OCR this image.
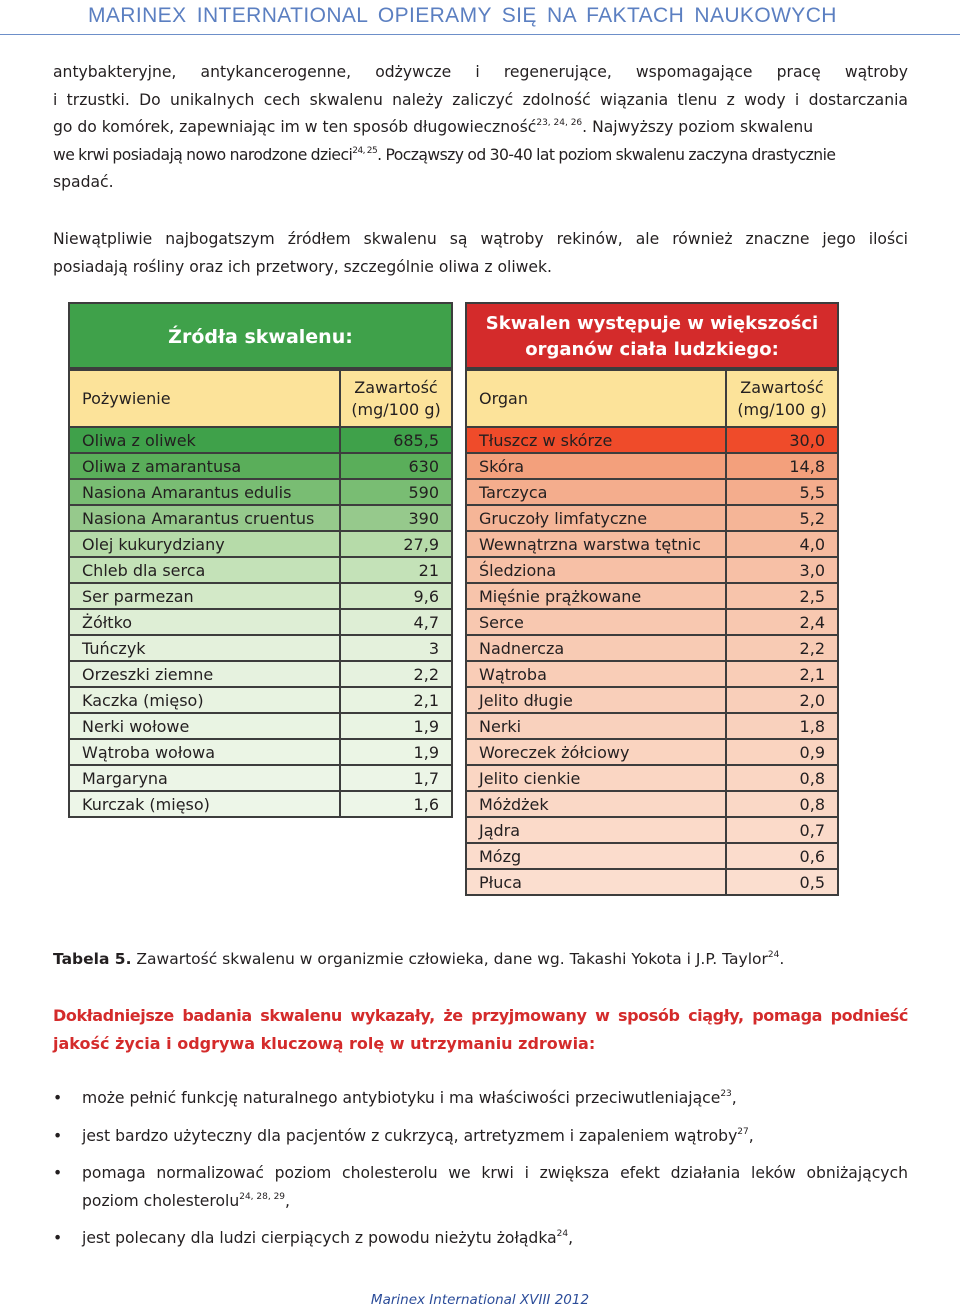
MARINEX INTERNATIONAL OPIERAMY SIĘ NA FAKTACH NAUKOWYCH
antybakteryjne, antykancerogenne, odżywcze i regenerujące, wspomagające pracę wątroby
i trzustki. Do unikalnych cech skwalenu należy zaliczyć zdolność wiązania tlenu z wody i dostarczania
go do komórek, zapewniając im w ten sposób długowieczność$^{23, 24, 26}$. Najwyższy poziom skwalenu
we krwi posiadają nowo narodzone dzieci$^{24, 25}$. Począwszy od 30-40 lat poziom skwalenu zaczyna drastycznie
spadać.
Niewątpliwie najbogatszym źródłem skwalenu są wątroby rekinów, ale również znaczne jego ilości
posiadają rośliny oraz ich przetwory, szczególnie oliwa z oliwek.
Źródła skwalenu:
Pożywienie	Zawartość
(mg/100 g)
Oliwa z oliwek	685,5
Oliwa z amarantusa	630
Nasiona Amarantus edulis	590
Nasiona Amarantus cruentus	390
Olej kukurydziany	27,9
Chleb dla serca	21
Ser parmezan	9,6
Żółtko	4,7
Tuńczyk	3
Orzeszki ziemne	2,2
Kaczka (mięso)	2,1
Nerki wołowe	1,9
Wątroba wołowa	1,9
Margaryna	1,7
Kurczak (mięso)	1,6
Skwalen występuje w większości
organów ciała ludzkiego:
Organ	Zawartość
(mg/100 g)
Tłuszcz w skórze	30,0
Skóra	14,8
Tarczyca	5,5
Gruczoły limfatyczne	5,2
Wewnątrzna warstwa tętnic	4,0
Śledziona	3,0
Mięśnie prążkowane	2,5
Serce	2,4
Nadnercza	2,2
Wątroba	2,1
Jelito długie	2,0
Nerki	1,8
Woreczek żółciowy	0,9
Jelito cienkie	0,8
Móżdżek	0,8
Jądra	0,7
Mózg	0,6
Płuca	0,5
Tabela 5. Zawartość skwalenu w organizmie człowieka, dane wg. Takashi Yokota i J.P. Taylor$^{24}$.
Dokładniejsze badania skwalenu wykazały, że przyjmowany w sposób ciągły, pomaga podnieść
jakość życia i odgrywa kluczową rolę w utrzymaniu zdrowia:
• może pełnić funkcję naturalnego antybiotyku i ma właściwości przeciwutleniające$^{23}$,
• jest bardzo użyteczny dla pacjentów z cukrzycą, artretyzmem i zapaleniem wątroby$^{27}$,
• pomaga normalizować poziom cholesterolu we krwi i zwiększa efekt działania leków obniżających
poziom cholesterolu$^{24, 28, 29}$,
• jest polecany dla ludzi cierpiących z powodu nieżytu żołądka$^{24}$,
Marinex International XVIII 2012
